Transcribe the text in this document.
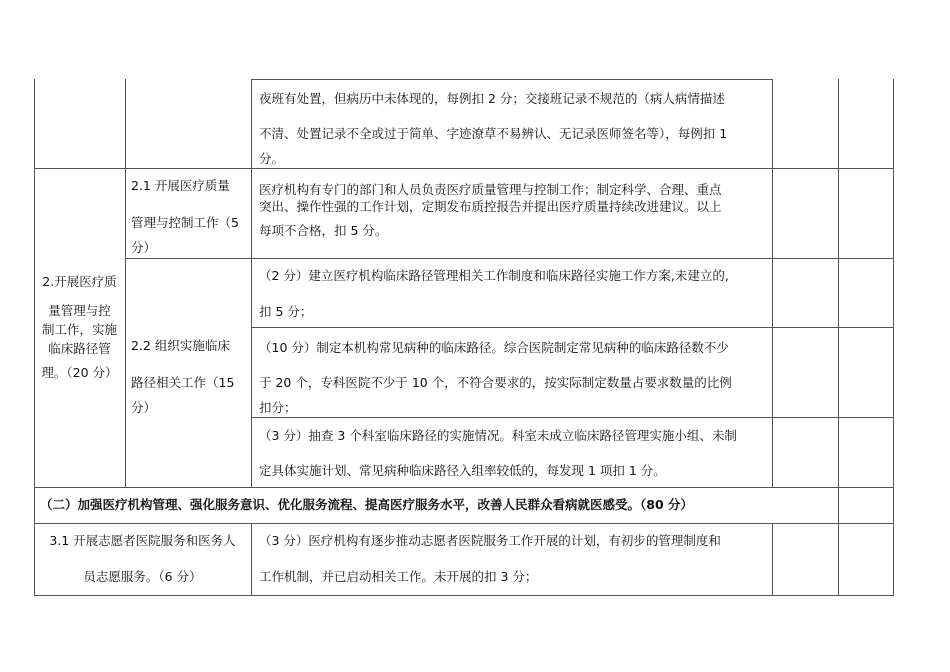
夜班有处置，但病历中未体现的，每例扣 2 分；交接班记录不规范的（病人病情描述
不清、处置记录不全或过于简单、字迹潦草不易辨认、无记录医师签名等），每例扣 1
分。
2.开展医疗质
量管理与控
制工作，实施
临床路径管
理。（20 分）
2.1 开展医疗质量
管理与控制工作（5
分）
医疗机构有专门的部门和人员负责医疗质量管理与控制工作；制定科学、合理、重点
突出、操作性强的工作计划，定期发布质控报告并提出医疗质量持续改进建议。以上
每项不合格，扣 5 分。
2.2 组织实施临床
路径相关工作（15
分）
（2 分）建立医疗机构临床路径管理相关工作制度和临床路径实施工作方案,未建立的,
扣 5 分；
（10 分）制定本机构常见病种的临床路径。综合医院制定常见病种的临床路径数不少
于 20 个，专科医院不少于 10 个，不符合要求的，按实际制定数量占要求数量的比例
扣分；
（3 分）抽查 3 个科室临床路径的实施情况。科室未成立临床路径管理实施小组、未制
定具体实施计划、常见病种临床路径入组率较低的，每发现 1 项扣 1 分。
（二）加强医疗机构管理、强化服务意识、优化服务流程、提高医疗服务水平，改善人民群众看病就医感受。（80 分）
3.1 开展志愿者医院服务和医务人
员志愿服务。（6 分）
（3 分）医疗机构有逐步推动志愿者医院服务工作开展的计划，有初步的管理制度和
工作机制，并已启动相关工作。未开展的扣 3 分；
